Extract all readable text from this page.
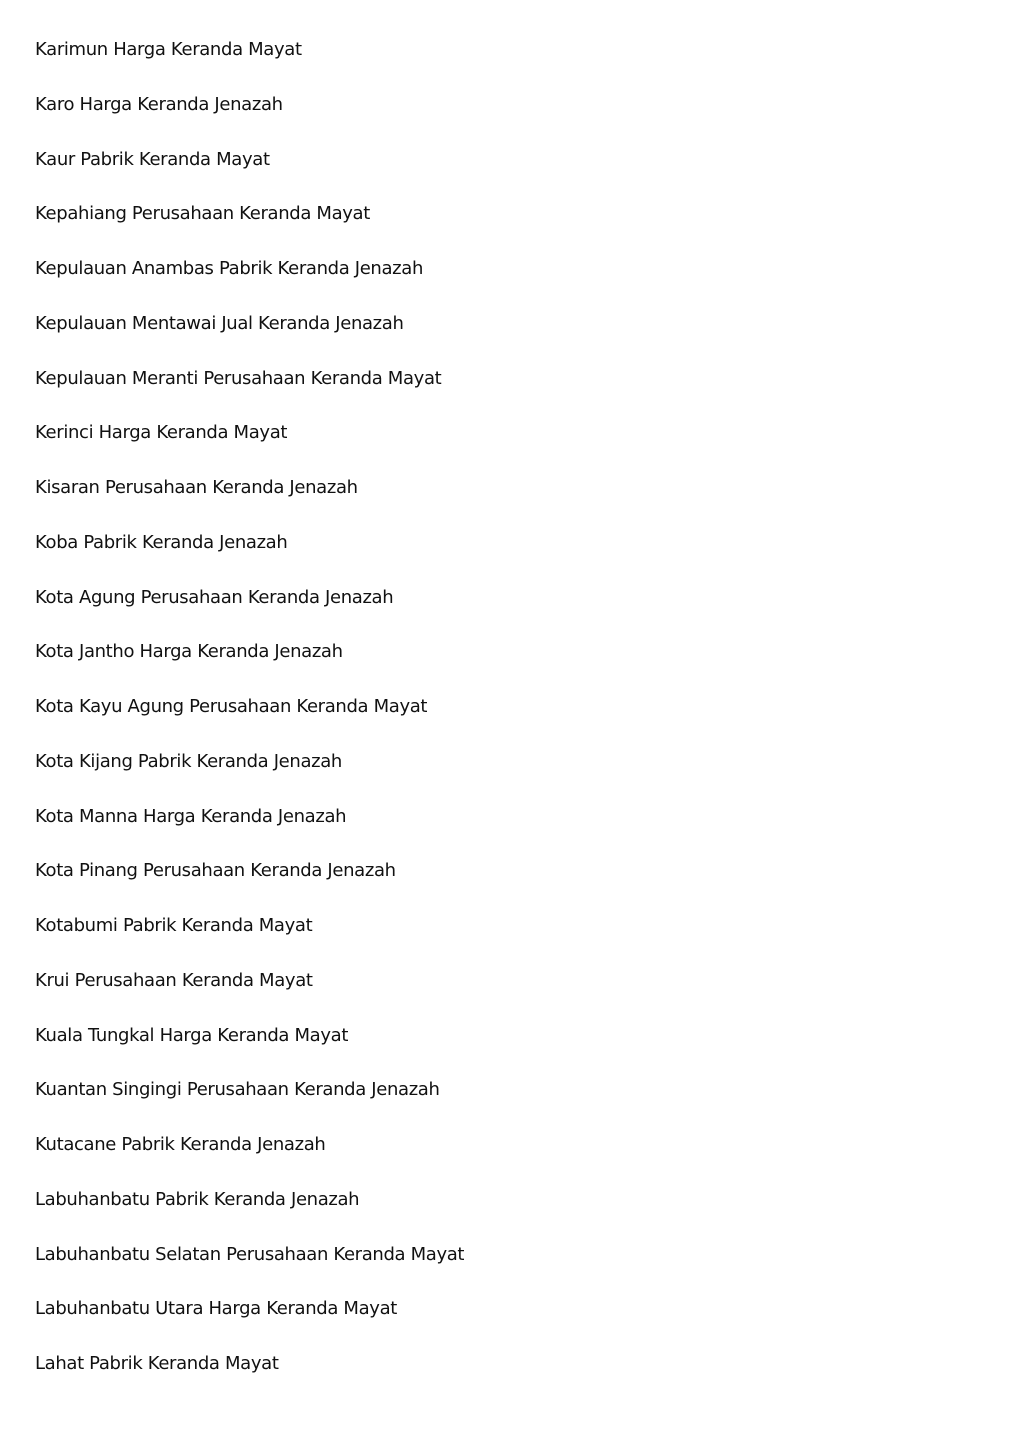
Karimun Harga Keranda Mayat
Karo Harga Keranda Jenazah
Kaur Pabrik Keranda Mayat
Kepahiang Perusahaan Keranda Mayat
Kepulauan Anambas Pabrik Keranda Jenazah
Kepulauan Mentawai Jual Keranda Jenazah
Kepulauan Meranti Perusahaan Keranda Mayat
Kerinci Harga Keranda Mayat
Kisaran Perusahaan Keranda Jenazah
Koba Pabrik Keranda Jenazah
Kota Agung Perusahaan Keranda Jenazah
Kota Jantho Harga Keranda Jenazah
Kota Kayu Agung Perusahaan Keranda Mayat
Kota Kijang Pabrik Keranda Jenazah
Kota Manna Harga Keranda Jenazah
Kota Pinang Perusahaan Keranda Jenazah
Kotabumi Pabrik Keranda Mayat
Krui Perusahaan Keranda Mayat
Kuala Tungkal Harga Keranda Mayat
Kuantan Singingi Perusahaan Keranda Jenazah
Kutacane Pabrik Keranda Jenazah
Labuhanbatu Pabrik Keranda Jenazah
Labuhanbatu Selatan Perusahaan Keranda Mayat
Labuhanbatu Utara Harga Keranda Mayat
Lahat Pabrik Keranda Mayat
